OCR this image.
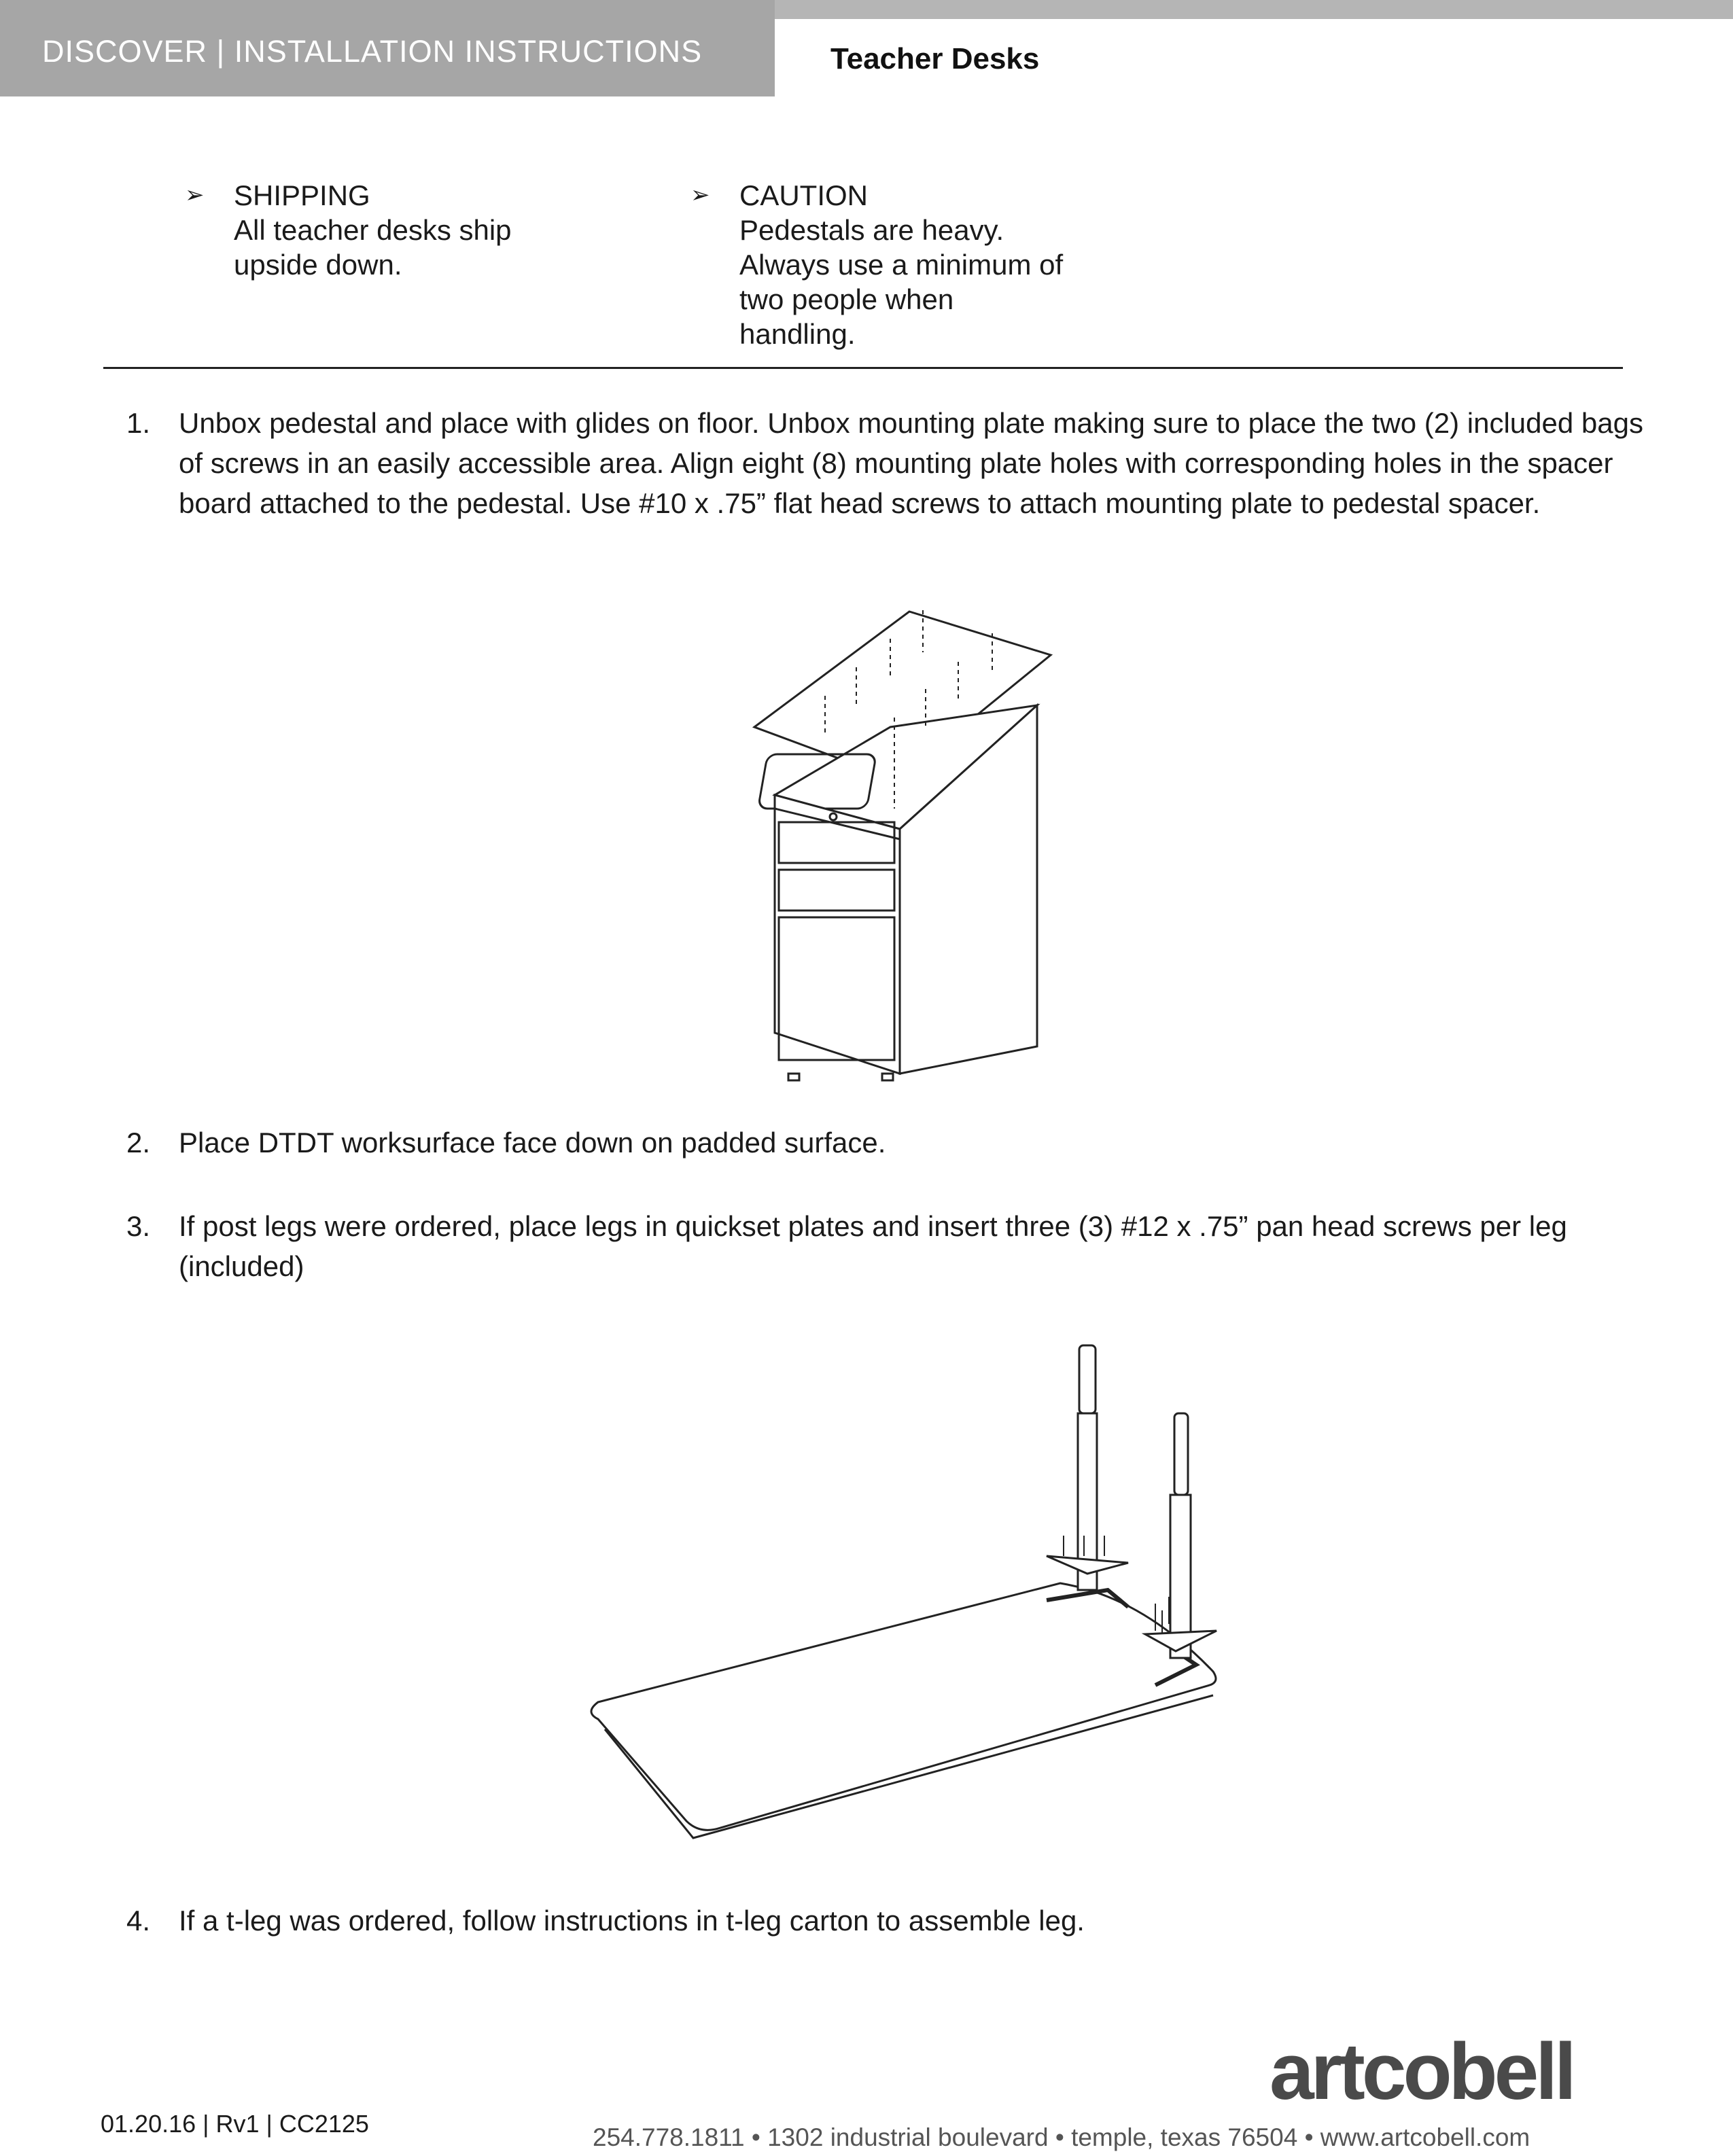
DISCOVER | INSTALLATION INSTRUCTIONS	Teacher Desks
➢ SHIPPING
All teacher desks ship
upside down.
➢ CAUTION
Pedestals are heavy.
Always use a minimum of
two people when
handling.
1. Unbox pedestal and place with glides on floor. Unbox mounting plate making sure to place the two (2) included bags of screws in an easily accessible area. Align eight (8) mounting plate holes with corresponding holes in the spacer board attached to the pedestal. Use #10 x .75” flat head screws to attach mounting plate to pedestal spacer.
2. Place DTDT worksurface face down on padded surface.
3. If post legs were ordered, place legs in quickset plates and insert three (3) #12 x .75” pan head screws per leg (included)
4. If a t-leg was ordered, follow instructions in t-leg carton to assemble leg.
01.20.16 | Rv1 | CC2125
artcobell
254.778.1811 • 1302 industrial boulevard • temple, texas 76504 • www.artcobell.com
